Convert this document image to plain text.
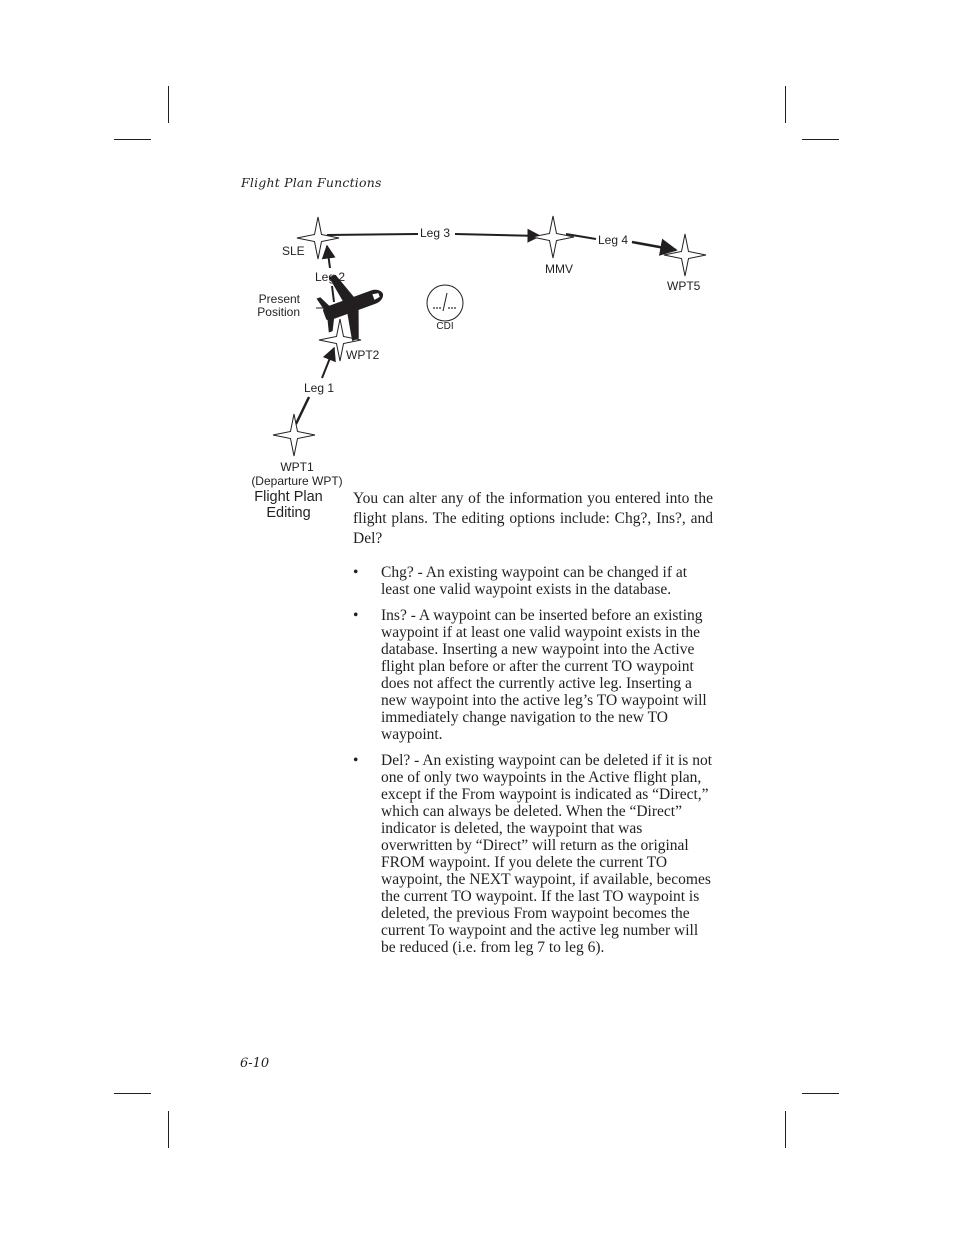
Flight Plan Functions
SLE
MMV
WPT5
WPT2
WPT1
(Departure WPT)
Leg 3	Leg 4
Leg 2
Leg 1
Present
Position
CDI
Flight Plan
Editing

You can alter any of the information you entered into the flight plans. The editing options include: Chg?, Ins?, and Del?

• Chg? - An existing waypoint can be changed if at least one valid waypoint exists in the database.
• Ins? - A waypoint can be inserted before an existing waypoint if at least one valid waypoint exists in the database. Inserting a new waypoint into the Active flight plan before or after the current TO waypoint does not affect the currently active leg. Inserting a new waypoint into the active leg’s TO waypoint will immediately change navigation to the new TO waypoint.
• Del? - An existing waypoint can be deleted if it is not one of only two waypoints in the Active flight plan, except if the From waypoint is indicated as “Direct,” which can always be deleted. When the “Direct” indicator is deleted, the waypoint that was overwritten by “Direct” will return as the original FROM waypoint. If you delete the current TO waypoint, the NEXT waypoint, if available, becomes the current TO waypoint. If the last TO waypoint is deleted, the previous From waypoint becomes the current To waypoint and the active leg number will be reduced (i.e. from leg 7 to leg 6).
6-10
